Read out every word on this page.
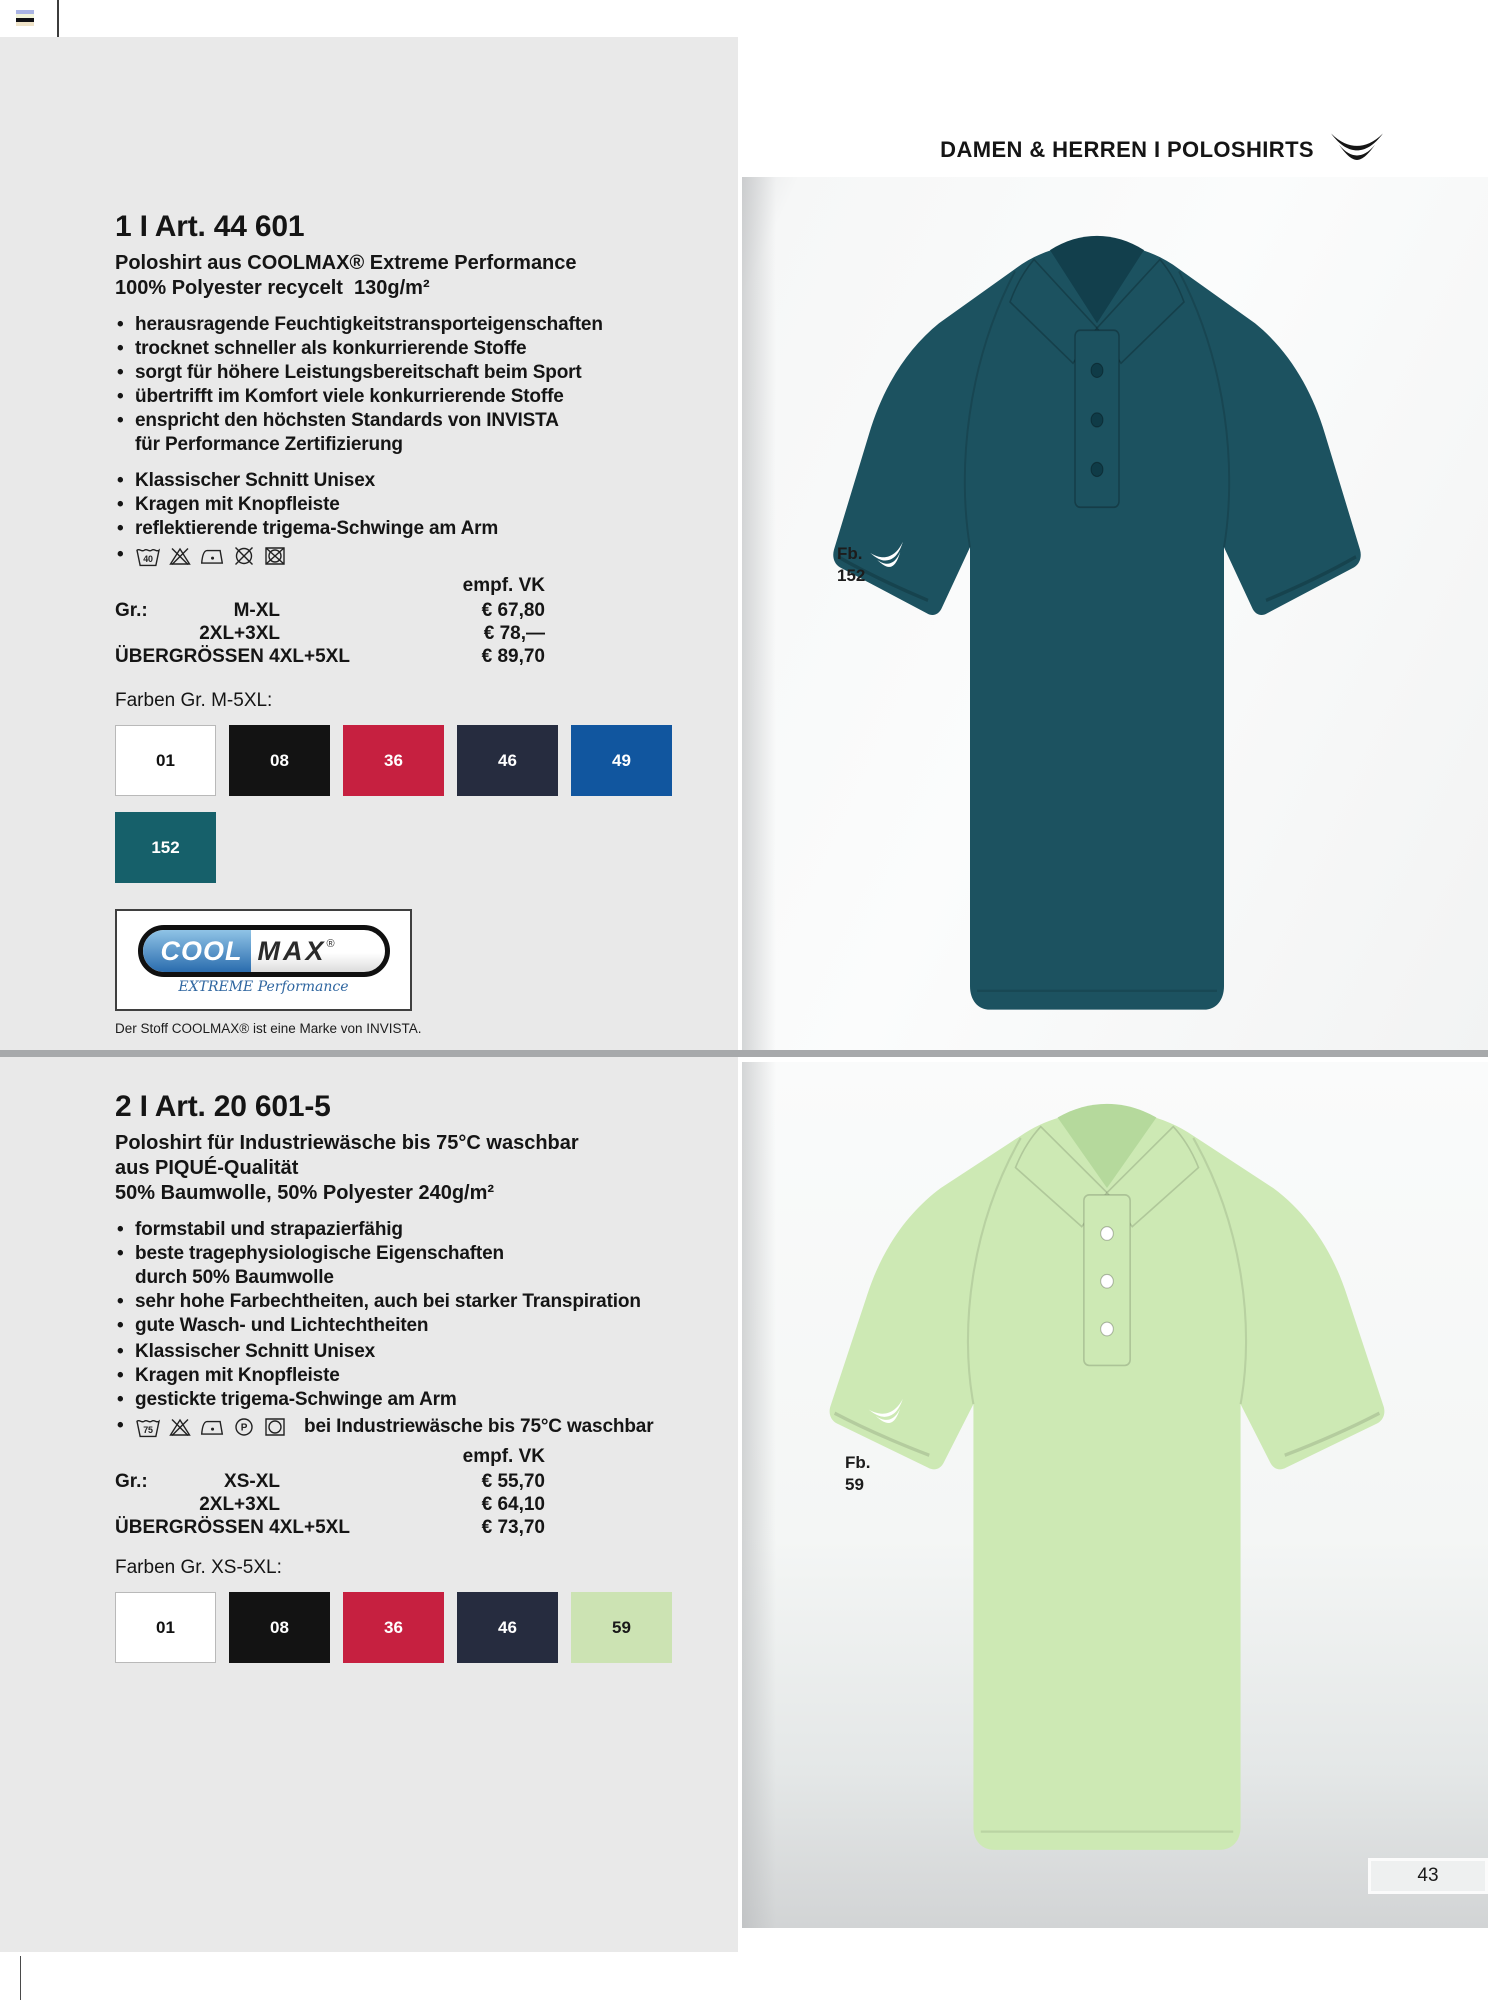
DAMEN & HERREN I POLOSHIRTS
Fb.
152
Fb.
59
1 I Art. 44 601
Poloshirt aus COOLMAX® Extreme Performance
100% Polyester recycelt  130g/m²
• herausragende Feuchtigkeitstransporteigenschaften
• trocknet schneller als konkurrierende Stoffe
• sorgt für höhere Leistungsbereitschaft beim Sport
• übertrifft im Komfort viele konkurrierende Stoffe
• enspricht den höchsten Standards von INVISTA
für Performance Zertifizierung
• Klassischer Schnitt Unisex
• Kragen mit Knopfleiste
• reflektierende trigema-Schwinge am Arm
• 40
empf. VK
Gr.:	M-XL	€ 67,80
2XL+3XL	€ 78,—
ÜBERGRÖSSEN 4XL+5XL	€ 89,70
Farben Gr. M-5XL:
01	08	36	46	49
152
COOL MAX ®
EXTREME Performance
Der Stoff COOLMAX® ist eine Marke von INVISTA.
2 I Art. 20 601-5
Poloshirt für Industriewäsche bis 75°C waschbar
aus PIQUÉ-Qualität
50% Baumwolle, 50% Polyester 240g/m²
• formstabil und strapazierfähig
• beste tragephysiologische Eigenschaften
durch 50% Baumwolle
• sehr hohe Farbechtheiten, auch bei starker Transpiration
• gute Wasch- und Lichtechtheiten
• Klassischer Schnitt Unisex
• Kragen mit Knopfleiste
• gestickte trigema-Schwinge am Arm
• 75	P	bei Industriewäsche bis 75°C waschbar
empf. VK
Gr.:	XS-XL	€ 55,70
2XL+3XL	€ 64,10
ÜBERGRÖSSEN 4XL+5XL	€ 73,70
Farben Gr. XS-5XL:
01	08	36	46	59
43
